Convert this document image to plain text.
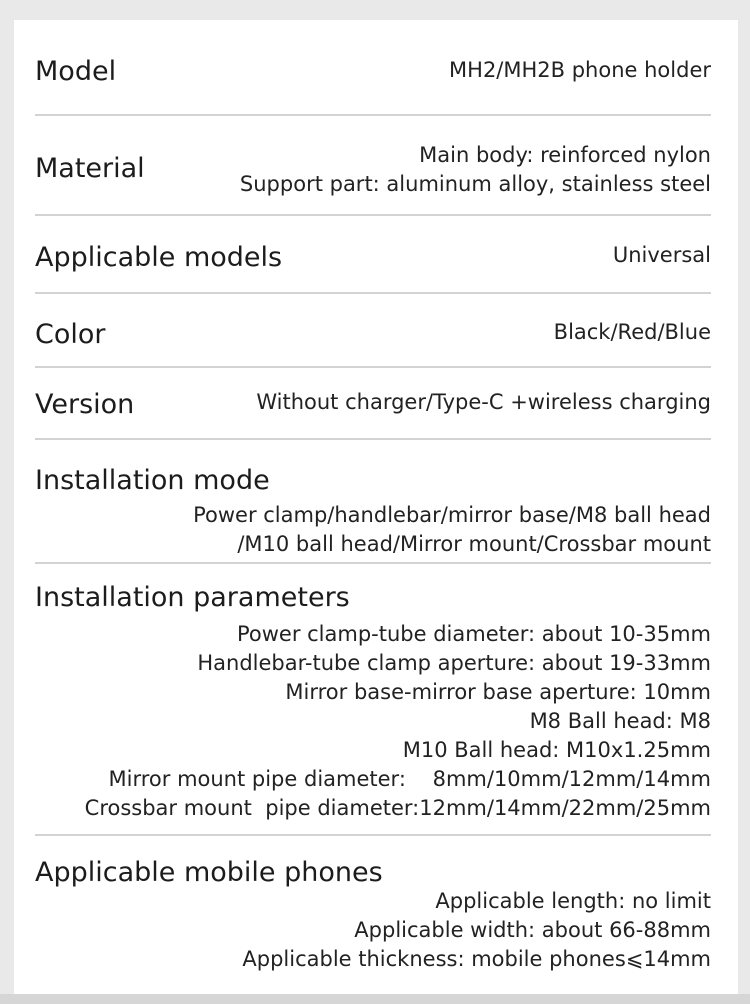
Model	MH2/MH2B phone holder
Material	Main body: reinforced nylon
Support part: aluminum alloy, stainless steel
Applicable models	Universal
Color	Black/Red/Blue
Version	Without charger/Type-C +wireless charging
Installation mode
Power clamp/handlebar/mirror base/M8 ball head
/M10 ball head/Mirror mount/Crossbar mount
Installation parameters
Power clamp-tube diameter: about 10-35mm
Handlebar-tube clamp aperture: about 19-33mm
Mirror base-mirror base aperture: 10mm
M8 Ball head: M8
M10 Ball head: M10x1.25mm
Mirror mount pipe diameter:    8mm/10mm/12mm/14mm
Crossbar mount  pipe diameter:12mm/14mm/22mm/25mm
Applicable mobile phones
Applicable length: no limit
Applicable width: about 66-88mm
Applicable thickness: mobile phones⩽14mm
